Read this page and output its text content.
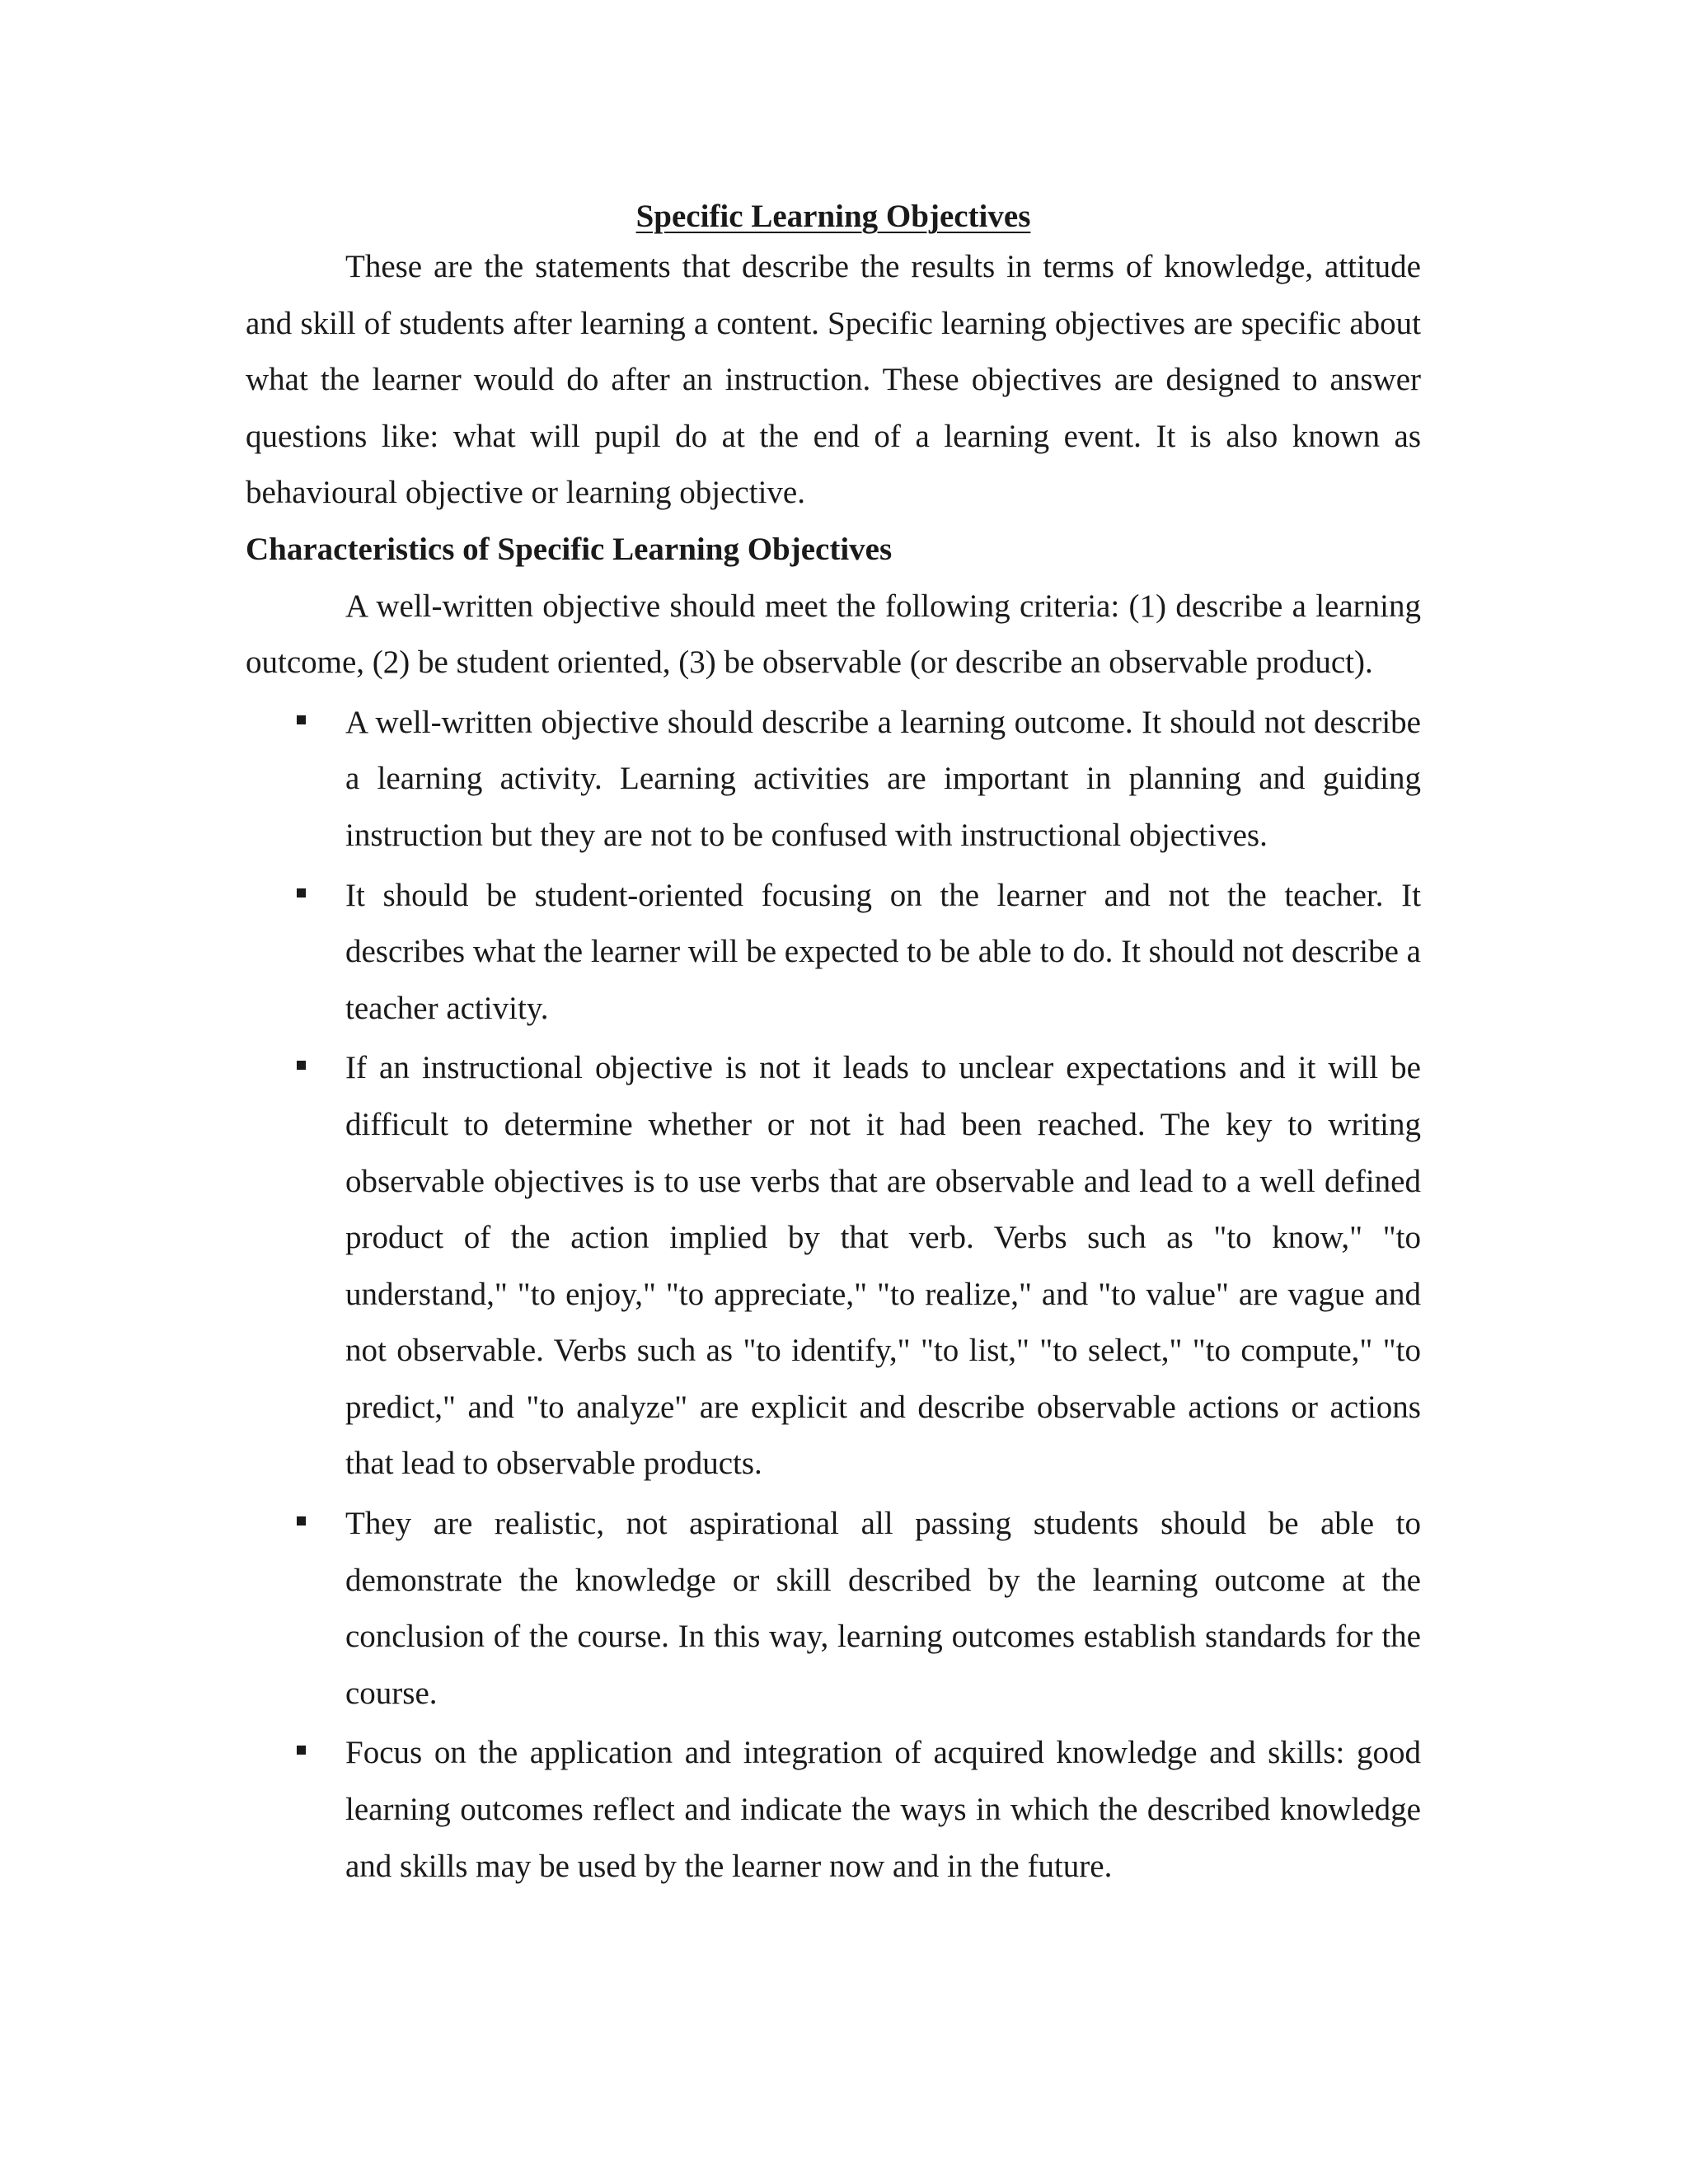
Specific Learning Objectives

These are the statements that describe the results in terms of knowledge, attitude and skill of students after learning a content. Specific learning objectives are specific about what the learner would do after an instruction. These objectives are designed to answer questions like: what will pupil do at the end of a learning event. It is also known as behavioural objective or learning objective.

Characteristics of Specific Learning Objectives

A well-written objective should meet the following criteria: (1) describe a learning outcome, (2) be student oriented, (3) be observable (or describe an observable product).

A well-written objective should describe a learning outcome. It should not describe a learning activity. Learning activities are important in planning and guiding instruction but they are not to be confused with instructional objectives.
It should be student-oriented focusing on the learner and not the teacher. It describes what the learner will be expected to be able to do. It should not describe a teacher activity.
If an instructional objective is not it leads to unclear expectations and it will be difficult to determine whether or not it had been reached. The key to writing observable objectives is to use verbs that are observable and lead to a well defined product of the action implied by that verb. Verbs such as "to know," "to understand," "to enjoy," "to appreciate," "to realize," and "to value" are vague and not observable. Verbs such as "to identify," "to list," "to select," "to compute," "to predict," and "to analyze" are explicit and describe observable actions or actions that lead to observable products.
They are realistic, not aspirational all passing students should be able to demonstrate the knowledge or skill described by the learning outcome at the conclusion of the course. In this way, learning outcomes establish standards for the course.
Focus on the application and integration of acquired knowledge and skills: good learning outcomes reflect and indicate the ways in which the described knowledge and skills may be used by the learner now and in the future.
